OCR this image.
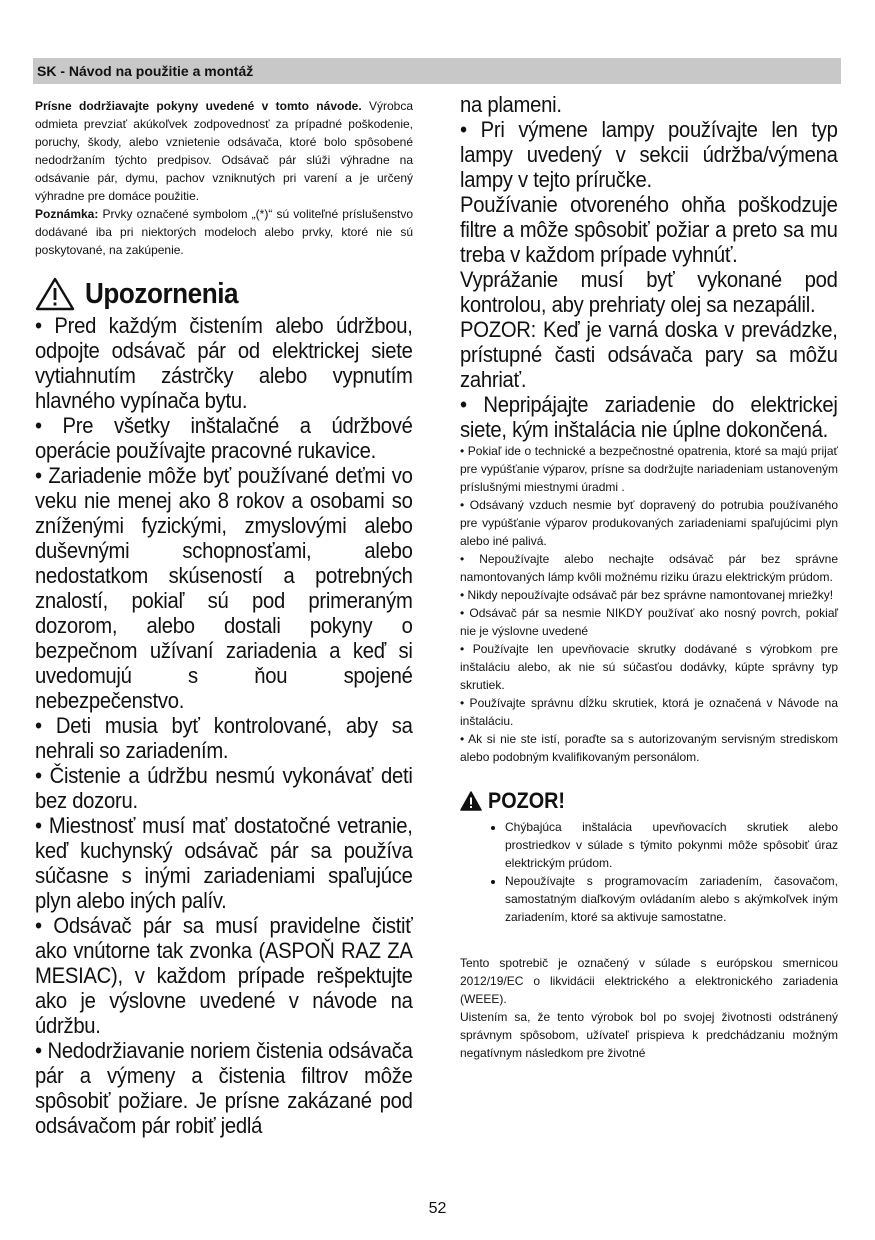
SK - Návod na použitie a montáž

Prísne dodržiavajte pokyny uvedené v tomto návode. Výrobca odmieta prevziať akúkoľvek zodpovednosť za prípadné poškodenie, poruchy, škody, alebo vznietenie odsávača, ktoré bolo spôsobené nedodržaním týchto predpisov. Odsávač pár slúži výhradne na odsávanie pár, dymu, pachov vzniknutých pri varení a je určený výhradne pre domáce použitie.

Poznámka: Prvky označené symbolom „(*)“ sú voliteľné príslušenstvo dodávané iba pri niektorých modeloch alebo prvky, ktoré nie sú poskytované, na zakúpenie.

Upozornenia

• Pred každým čistením alebo údržbou, odpojte odsávač pár od elektrickej siete vytiahnutím zástrčky alebo vypnutím hlavného vypínača bytu.

• Pre všetky inštalačné a údržbové operácie používajte pracovné rukavice.

• Zariadenie môže byť používané deťmi vo veku nie menej ako 8 rokov a osobami so zníženými fyzickými, zmyslovými alebo duševnými schopnosťami, alebo nedostatkom skúseností a potrebných znalostí, pokiaľ sú pod primeraným dozorom, alebo dostali pokyny o bezpečnom užívaní zariadenia a keď si uvedomujú s ňou spojené nebezpečenstvo.

• Deti musia byť kontrolované, aby sa nehrali so zariadením.

• Čistenie a údržbu nesmú vykonávať deti bez dozoru.

• Miestnosť musí mať dostatočné vetranie, keď kuchynský odsávač pár sa používa súčasne s inými zariadeniami spaľujúce plyn alebo iných palív.

• Odsávač pár sa musí pravidelne čistiť ako vnútorne tak zvonka (ASPOŇ RAZ ZA MESIAC), v každom prípade rešpektujte ako je výslovne uvedené v návode na údržbu.

• Nedodržiavanie noriem čistenia odsávača pár a výmeny a čistenia filtrov môže spôsobiť požiare. Je prísne zakázané pod odsávačom pár robiť jedlá

na plameni.

• Pri výmene lampy používajte len typ lampy uvedený v sekcii údržba/výmena lampy v tejto príručke.

Používanie otvoreného ohňa poškodzuje filtre a môže spôsobiť požiar a preto sa mu treba v každom prípade vyhnúť.

Vyprážanie musí byť vykonané pod kontrolou, aby prehriaty olej sa nezapálil.

POZOR: Keď je varná doska v prevádzke, prístupné časti odsávača pary sa môžu zahriať.

• Nepripájajte zariadenie do elektrickej siete, kým inštalácia nie úplne dokončená.

• Pokiaľ ide o technické a bezpečnostné opatrenia, ktoré sa majú prijať pre vypúšťanie výparov, prísne sa dodržujte nariadeniam ustanoveným príslušnými miestnymi úradmi .

• Odsávaný vzduch nesmie byť dopravený do potrubia používaného pre vypúšťanie výparov produkovaných zariadeniami spaľujúcimi plyn alebo iné palivá.

• Nepoužívajte alebo nechajte odsávač pár bez správne namontovaných lámp kvôli možnému riziku úrazu elektrickým prúdom.

• Nikdy nepoužívajte odsávač pár bez správne namontovanej mriežky!

• Odsávač pár sa nesmie NIKDY používať ako nosný povrch, pokiaľ nie je výslovne uvedené

• Používajte len upevňovacie skrutky dodávané s výrobkom pre inštaláciu alebo, ak nie sú súčasťou dodávky, kúpte správny typ skrutiek.

• Používajte správnu dĺžku skrutiek, ktorá je označená v Návode na inštaláciu.

• Ak si nie ste istí, poraďte sa s autorizovaným servisným strediskom alebo podobným kvalifikovaným personálom.

POZOR!
• Chýbajúca inštalácia upevňovacích skrutiek alebo prostriedkov v súlade s týmito pokynmi môže spôsobiť úraz elektrickým prúdom.
• Nepoužívajte s programovacím zariadením, časovačom, samostatným diaľkovým ovládaním alebo s akýmkoľvek iným zariadením, ktoré sa aktivuje samostatne.

Tento spotrebič je označený v súlade s európskou smernicou 2012/19/EC o likvidácii elektrického a elektronického zariadenia (WEEE).

Uistením sa, že tento výrobok bol po svojej životnosti odstránený správnym spôsobom, užívateľ prispieva k predchádzaniu možným negatívnym následkom pre životné

52
